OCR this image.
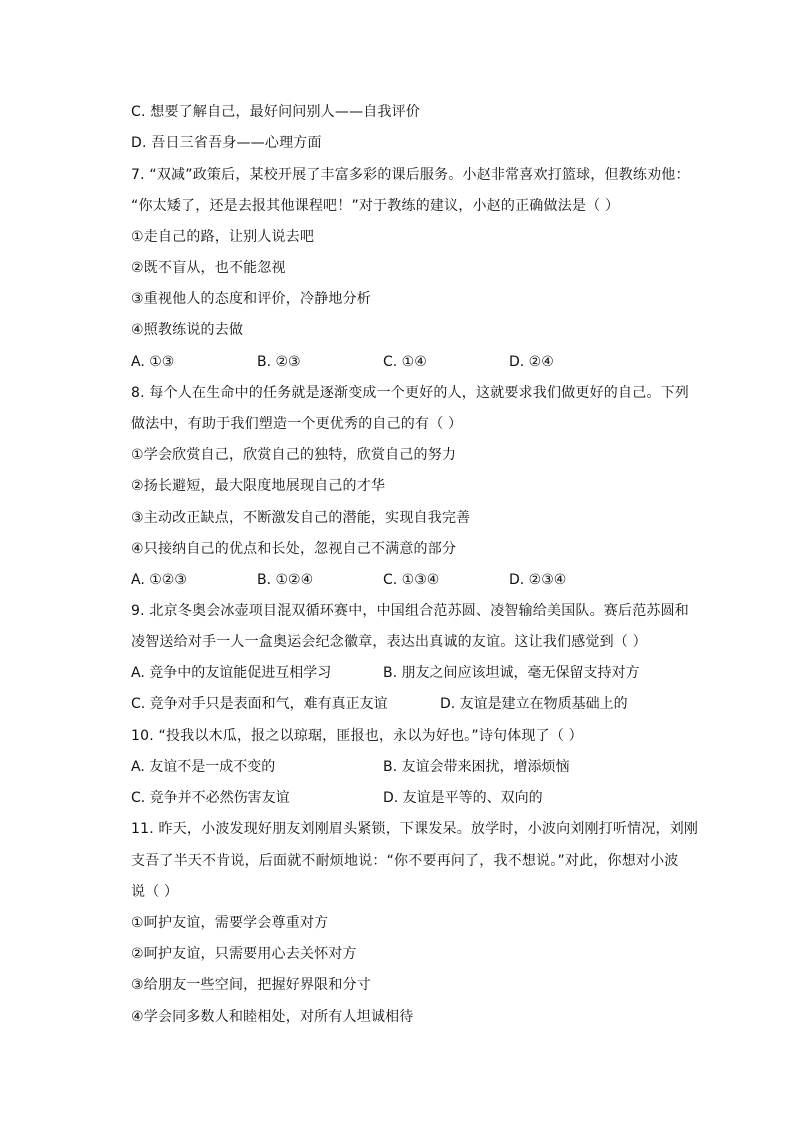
C. 想要了解自己，最好问问别人——自我评价
D. 吾日三省吾身——心理方面
7. “双减”政策后，某校开展了丰富多彩的课后服务。小赵非常喜欢打篮球，但教练劝他：
“你太矮了，还是去报其他课程吧！”对于教练的建议，小赵的正确做法是（ ）
①走自己的路，让别人说去吧
②既不盲从，也不能忽视
③重视他人的态度和评价，冷静地分析
④照教练说的去做
A. ①③	B. ②③	C. ①④	D. ②④
8. 每个人在生命中的任务就是逐渐变成一个更好的人，这就要求我们做更好的自己。下列
做法中，有助于我们塑造一个更优秀的自己的有（ ）
①学会欣赏自己，欣赏自己的独特，欣赏自己的努力
②扬长避短，最大限度地展现自己的才华
③主动改正缺点，不断激发自己的潜能，实现自我完善
④只接纳自己的优点和长处，忽视自己不满意的部分
A. ①②③	B. ①②④	C. ①③④	D. ②③④
9. 北京冬奥会冰壶项目混双循环赛中，中国组合范苏圆、凌智输给美国队。赛后范苏圆和
凌智送给对手一人一盒奥运会纪念徽章，表达出真诚的友谊。这让我们感觉到（ ）
A. 竞争中的友谊能促进互相学习	B. 朋友之间应该坦诚，毫无保留支持对方
C. 竞争对手只是表面和气，难有真正友谊	D. 友谊是建立在物质基础上的
10. “投我以木瓜，报之以琼琚，匪报也，永以为好也。”诗句体现了（ ）
A. 友谊不是一成不变的	B. 友谊会带来困扰，增添烦恼
C. 竞争并不必然伤害友谊	D. 友谊是平等的、双向的
11. 昨天，小波发现好朋友刘刚眉头紧锁，下课发呆。放学时，小波向刘刚打听情况，刘刚
支吾了半天不肯说，后面就不耐烦地说：“你不要再问了，我不想说。”对此，你想对小波
说（ ）
①呵护友谊，需要学会尊重对方
②呵护友谊，只需要用心去关怀对方
③给朋友一些空间，把握好界限和分寸
④学会同多数人和睦相处，对所有人坦诚相待
